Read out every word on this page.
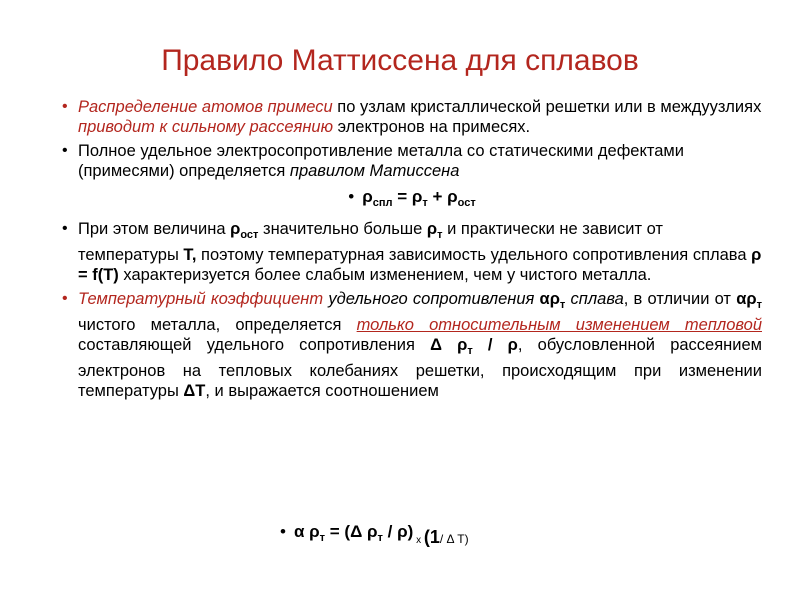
Правило Маттиссена для сплавов
• Распределение атомов примеси по узлам кристаллической решетки или в междуузлиях приводит к сильному рассеянию электронов на примесях.
• Полное удельное электросопротивление металла со статическими дефектами (примесями) определяется правилом Матиссена
• $\rho_{спл} = \rho_т + \rho_{ост}$
• При этом величина $\rho_{ост}$ значительно больше $\rho_т$ и практически не зависит от температуры Т, поэтому температурная зависимость удельного сопротивления сплава ρ = f(T) характеризуется более слабым изменением, чем у чистого металла.
• Температурный коэффициент удельного сопротивления $\alpha\rho_т$ сплава, в отличии от $\alpha\rho_т$ чистого металла, определяется только относительным изменением тепловой составляющей удельного сопротивления Δ $\rho_т$ / ρ, обусловленной рассеянием электронов на тепловых колебаниях решетки, происходящим при изменении температуры ΔТ, и выражается соотношением
• α $\rho_т = (\Delta$ $\rho_т / \rho$) $_x$ ($1_{/ \Delta Т)}$
